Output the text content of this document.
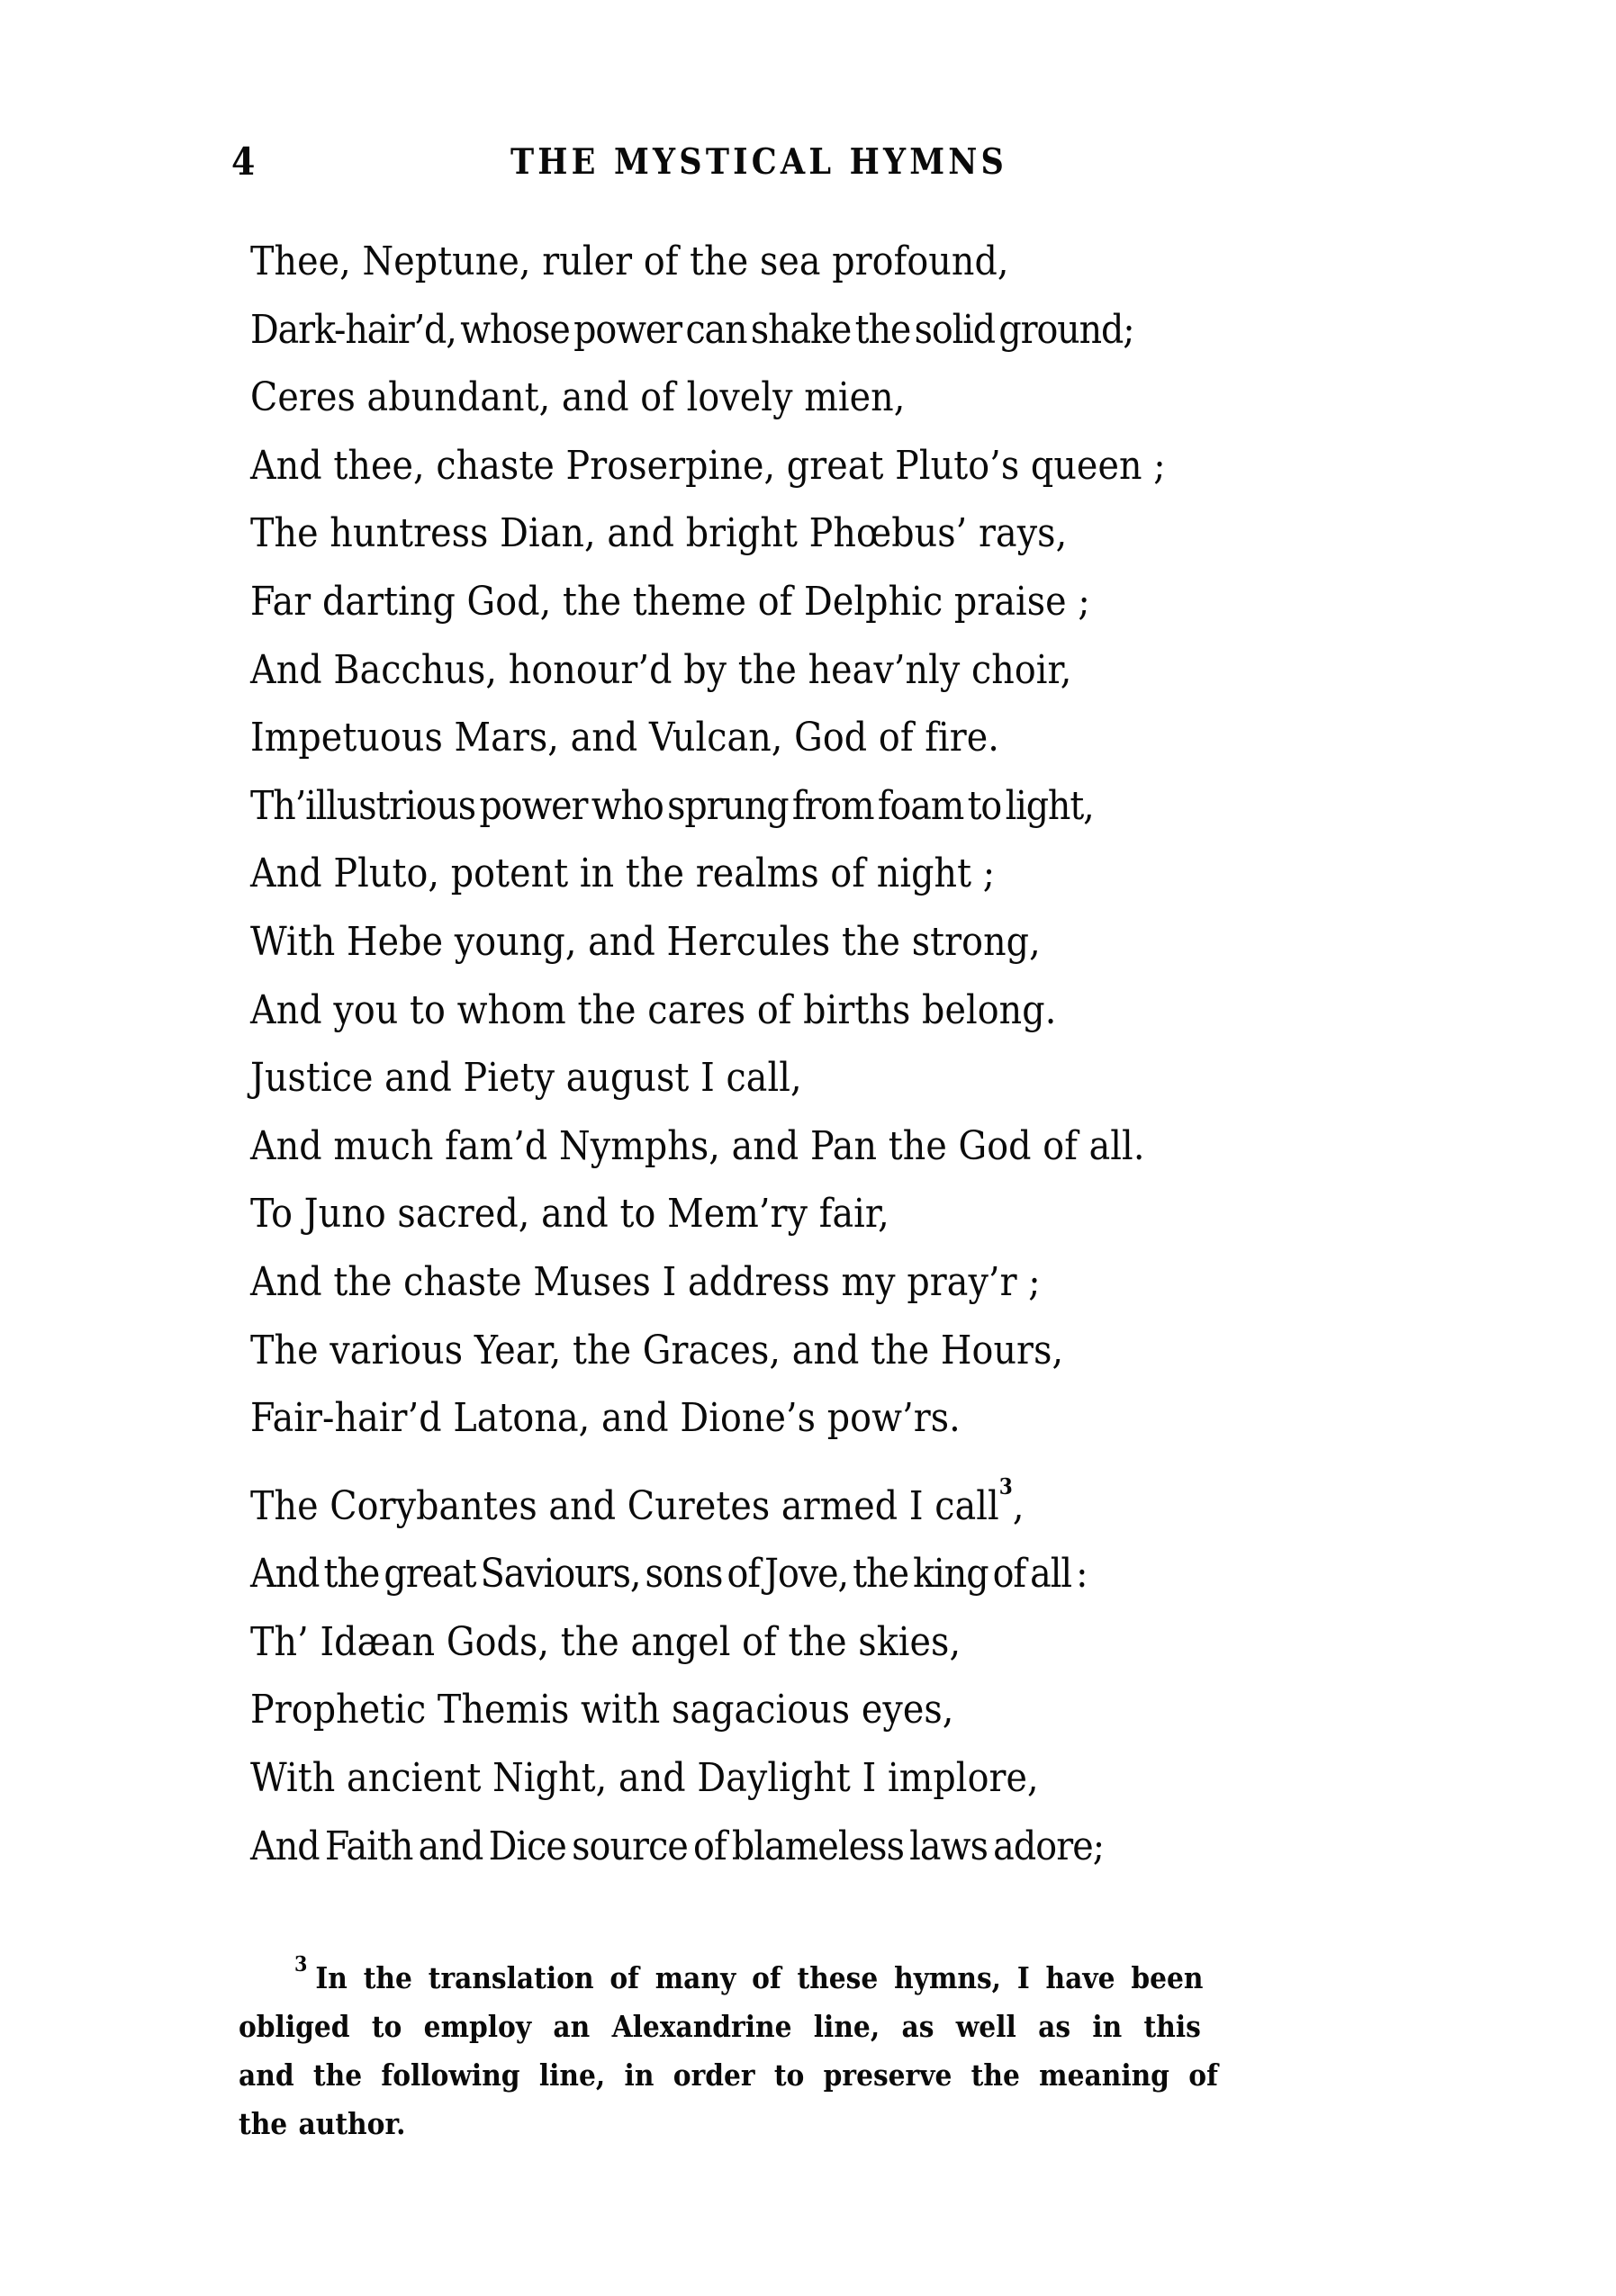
4	THE MYSTICAL HYMNS
Thee, Neptune, ruler of the sea profound,
Dark-hair’d, whose power can shake the solid ground;
Ceres abundant, and of lovely mien,
And thee, chaste Proserpine, great Pluto’s queen ;
The huntress Dian, and bright Phœbus’ rays,
Far darting God, the theme of Delphic praise ;
And Bacchus, honour’d by the heav’nly choir,
Impetuous Mars, and Vulcan, God of fire.
Th’illustrious power who sprung from foam to light,
And Pluto, potent in the realms of night ;
With Hebe young, and Hercules the strong,
And you to whom the cares of births belong.
Justice and Piety august I call,
And much fam’d Nymphs, and Pan the God of all.
To Juno sacred, and to Mem’ry fair,
And the chaste Muses I address my pray’r ;
The various Year, the Graces, and the Hours,
Fair-hair’d Latona, and Dione’s pow’rs.
The Corybantes and Curetes armed I call$^3$,
And the great Saviours, sons of Jove, the king of all :
Th’ Idæan Gods, the angel of the skies,
Prophetic Themis with sagacious eyes,
With ancient Night, and Daylight I implore,
And Faith and Dice source of blameless laws adore;
$^3$ In the translation of many of these hymns, I have been
obliged to employ an Alexandrine line, as well as in this
and the following line, in order to preserve the meaning of
the author.
